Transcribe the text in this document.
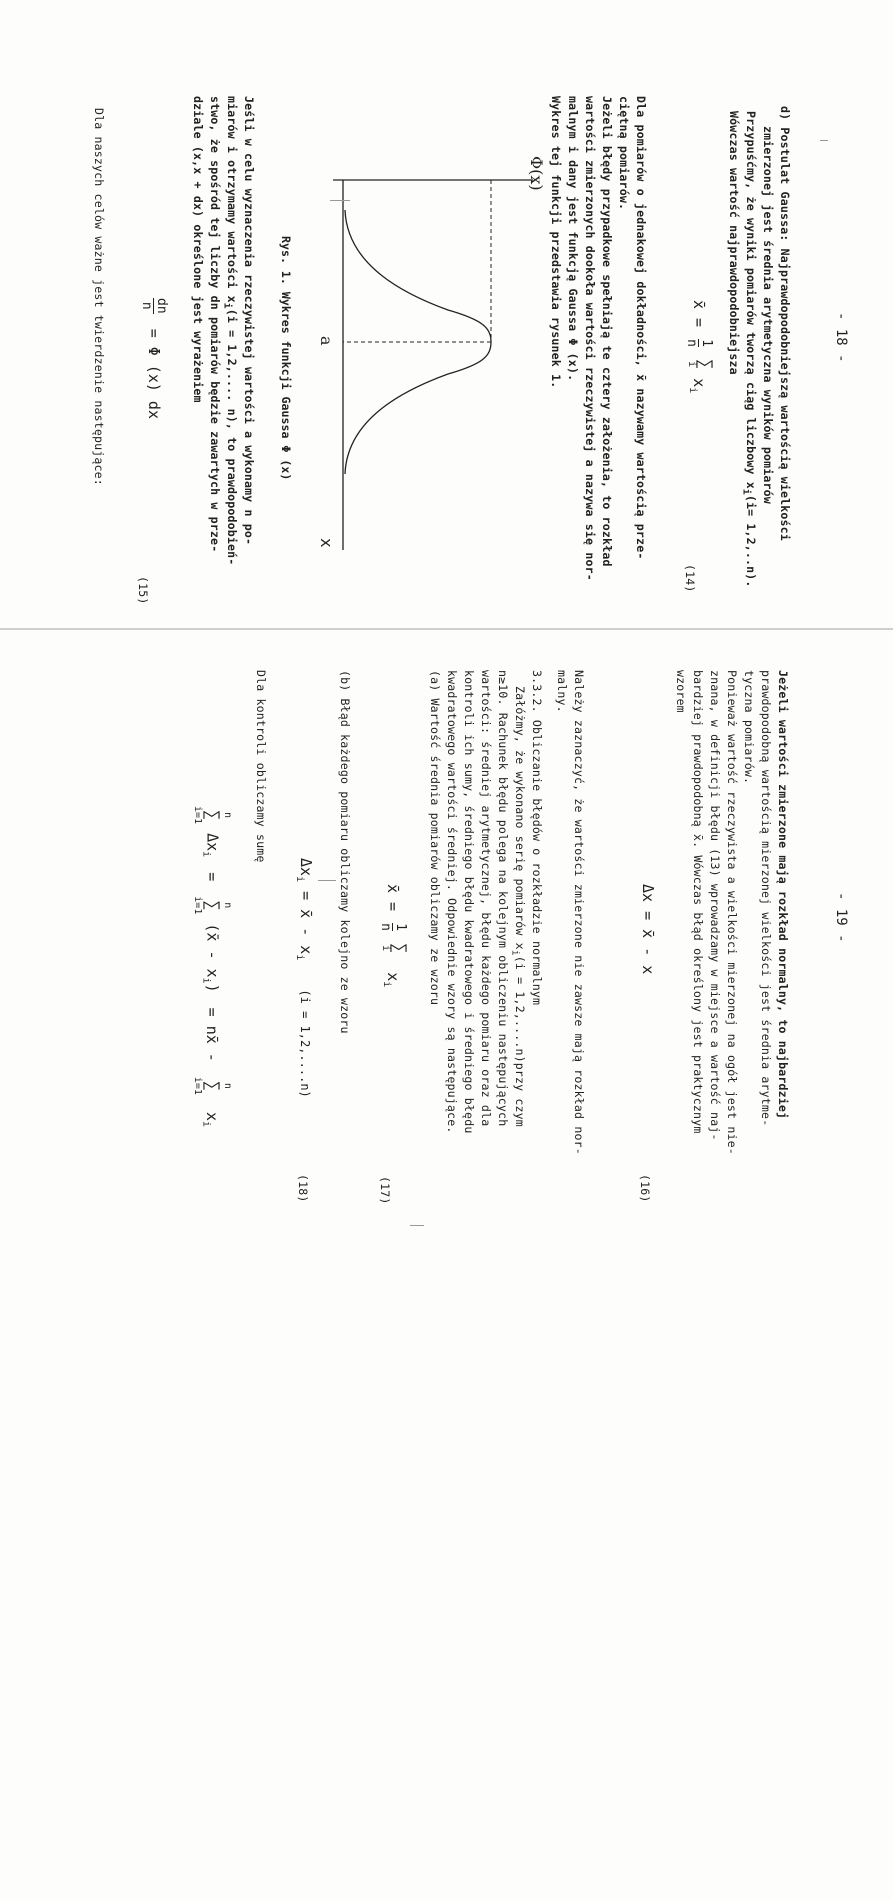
- 18 -
d) Postulat Gaussa: Najprawdopodobniejszą wartością wielkości
zmierzonej jest średnia arytmetyczna wyników pomiarów
Przypuśćmy, że wyniki pomiarów tworzą ciąg liczbowy $x_i(i= 1,2,..n)$.
Wówczas wartość najprawdopodobniejsza
x̄ =
1
n

∑
i
$x_i$
(14)
Dla pomiarów o jednakowej dokładności, x̄ nazywamy wartością prze-
ciętną pomiarów.
Jeżeli błędy przypadkowe spełniają te cztery założenia, to rozkład
wartości zmierzonych dookoła wartości rzeczywistej a nazywa się nor-
malnym i dany jest funkcją Gaussa Φ (x).
Wykres tej funkcji przedstawia rysunek 1.
Φ(x)
x
a
Rys. 1. Wykres funkcji Gaussa Φ (x)
Jeśli w celu wyznaczenia rzeczywistej wartości a wykonamy n po-
miarów i otrzymamy wartości $x_i(i = 1,2$,.... n), to prawdopodobień-
stwo, że spośród tej liczby dn pomiarów będzie zawartych w prze-
dziale (x,x + dx) określone jest wyrażeniem
dn
n
= Φ (x) dx
(15)
Dla naszych celów ważne jest twierdzenie następujące:
- 19 -
Jeżeli wartości zmierzone mają rozkład normalny, to najbardziej
prawdopodobną wartością mierzonej wielkości jest średnia arytme-
tyczna pomiarów.
Ponieważ wartość rzeczywista a wielkości mierzonej na ogół jest nie-
znana, w definicji błędu (13) wprowadzamy w miejsce a wartość naj-
bardziej prawdopodobną x̄. Wówczas błąd określony jest praktycznym
wzorem
Δx = x̄ - x
(16)
Należy zaznaczyć, że wartości zmierzone nie zawsze mają rozkład nor-
malny.
3.3.2. Obliczanie błędów o rozkładzie normalnym
Załóżmy, że wykonano serię pomiarów $x_i(i$ = 1,2,....n)przy czym
n≥10. Rachunek błędu polega na kolejnym obliczeniu następujących
wartości: średniej arytmetycznej, błędu każdego pomiaru oraz dla
kontroli ich sumy, średniego błędu kwadratowego i średniego błędu
kwadratowego wartości średniej. Odpowiednie wzory są następujące.
(a) Wartość średnia pomiarów obliczamy ze wzoru
x̄ =
1
n

∑
i
$x_i$
(17)
(b) Błąd każdego pomiaru obliczamy kolejno ze wzoru
$\Delta x_i$ = x̄ - $x_i$ (i = 1,2,....n)
(18)
Dla kontroli obliczamy sumę
n
∑
i=1
$\Delta x_i$ =
n
∑
i=1
(x̄ - $x_i$) = nx̄ -
n
∑
i=1
$x_i$
